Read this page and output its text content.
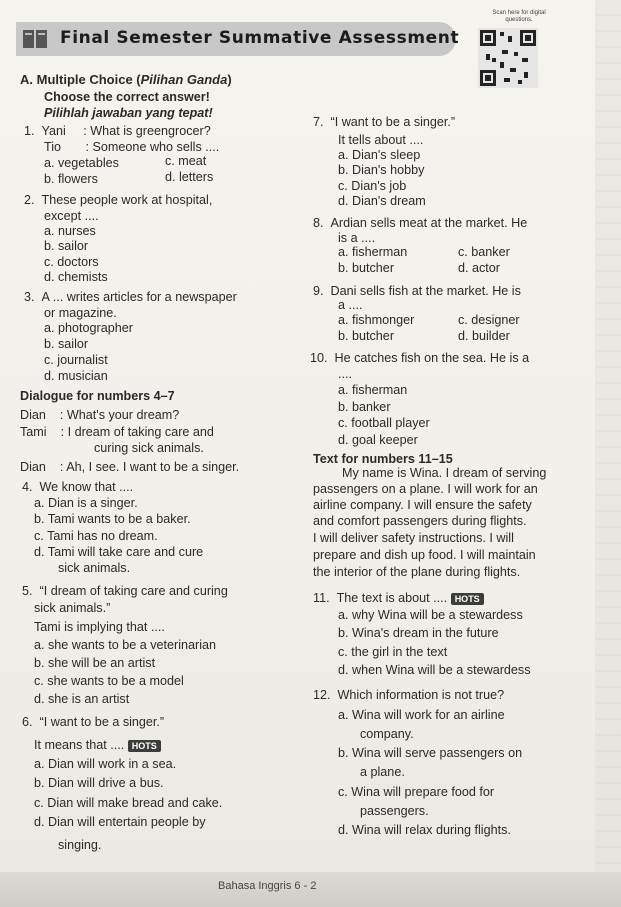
Final Semester Summative Assessment
Scan here for digital questions.
A. Multiple Choice (Pilihan Ganda)
Choose the correct answer!
Pilihlah jawaban yang tepat!
1. Yani     : What is greengrocer?
Tio       : Someone who sells ....
a. vegetables	c. meat
b. flowers	d. letters
2. These people work at hospital,
except ....
a. nurses
b. sailor
c. doctors
d. chemists
3. A ... writes articles for a newspaper
or magazine.
a. photographer
b. sailor
c. journalist
d. musician
Dialogue for numbers 4–7
Dian    : What's your dream?
Tami    : I dream of taking care and
curing sick animals.
Dian    : Ah, I see. I want to be a singer.
4. We know that ....
a. Dian is a singer.
b. Tami wants to be a baker.
c. Tami has no dream.
d. Tami will take care and cure
sick animals.
5. “I dream of taking care and curing
sick animals.”
Tami is implying that ....
a. she wants to be a veterinarian
b. she will be an artist
c. she wants to be a model
d. she is an artist
6. “I want to be a singer.”
It means that .... HOTS
a. Dian will work in a sea.
b. Dian will drive a bus.
c. Dian will make bread and cake.
d. Dian will entertain people by
singing.
7. “I want to be a singer.”
It tells about ....
a. Dian's sleep
b. Dian's hobby
c. Dian's job
d. Dian's dream
8. Ardian sells meat at the market. He
is a ....
a. fisherman	c. banker
b. butcher	d. actor
9. Dani sells fish at the market. He is
a ....
a. fishmonger	c. designer
b. butcher	d. builder
10. He catches fish on the sea. He is a
....
a. fisherman
b. banker
c. football player
d. goal keeper
Text for numbers 11–15
My name is Wina. I dream of serving
passengers on a plane. I will work for an
airline company. I will ensure the safety
and comfort passengers during flights.
I will deliver safety instructions. I will
prepare and dish up food. I will maintain
the interior of the plane during flights.
11. The text is about .... HOTS
a. why Wina will be a stewardess
b. Wina's dream in the future
c. the girl in the text
d. when Wina will be a stewardess
12. Which information is not true?
a. Wina will work for an airline
company.
b. Wina will serve passengers on
a plane.
c. Wina will prepare food for
passengers.
d. Wina will relax during flights.
Bahasa Inggris 6 - 2
